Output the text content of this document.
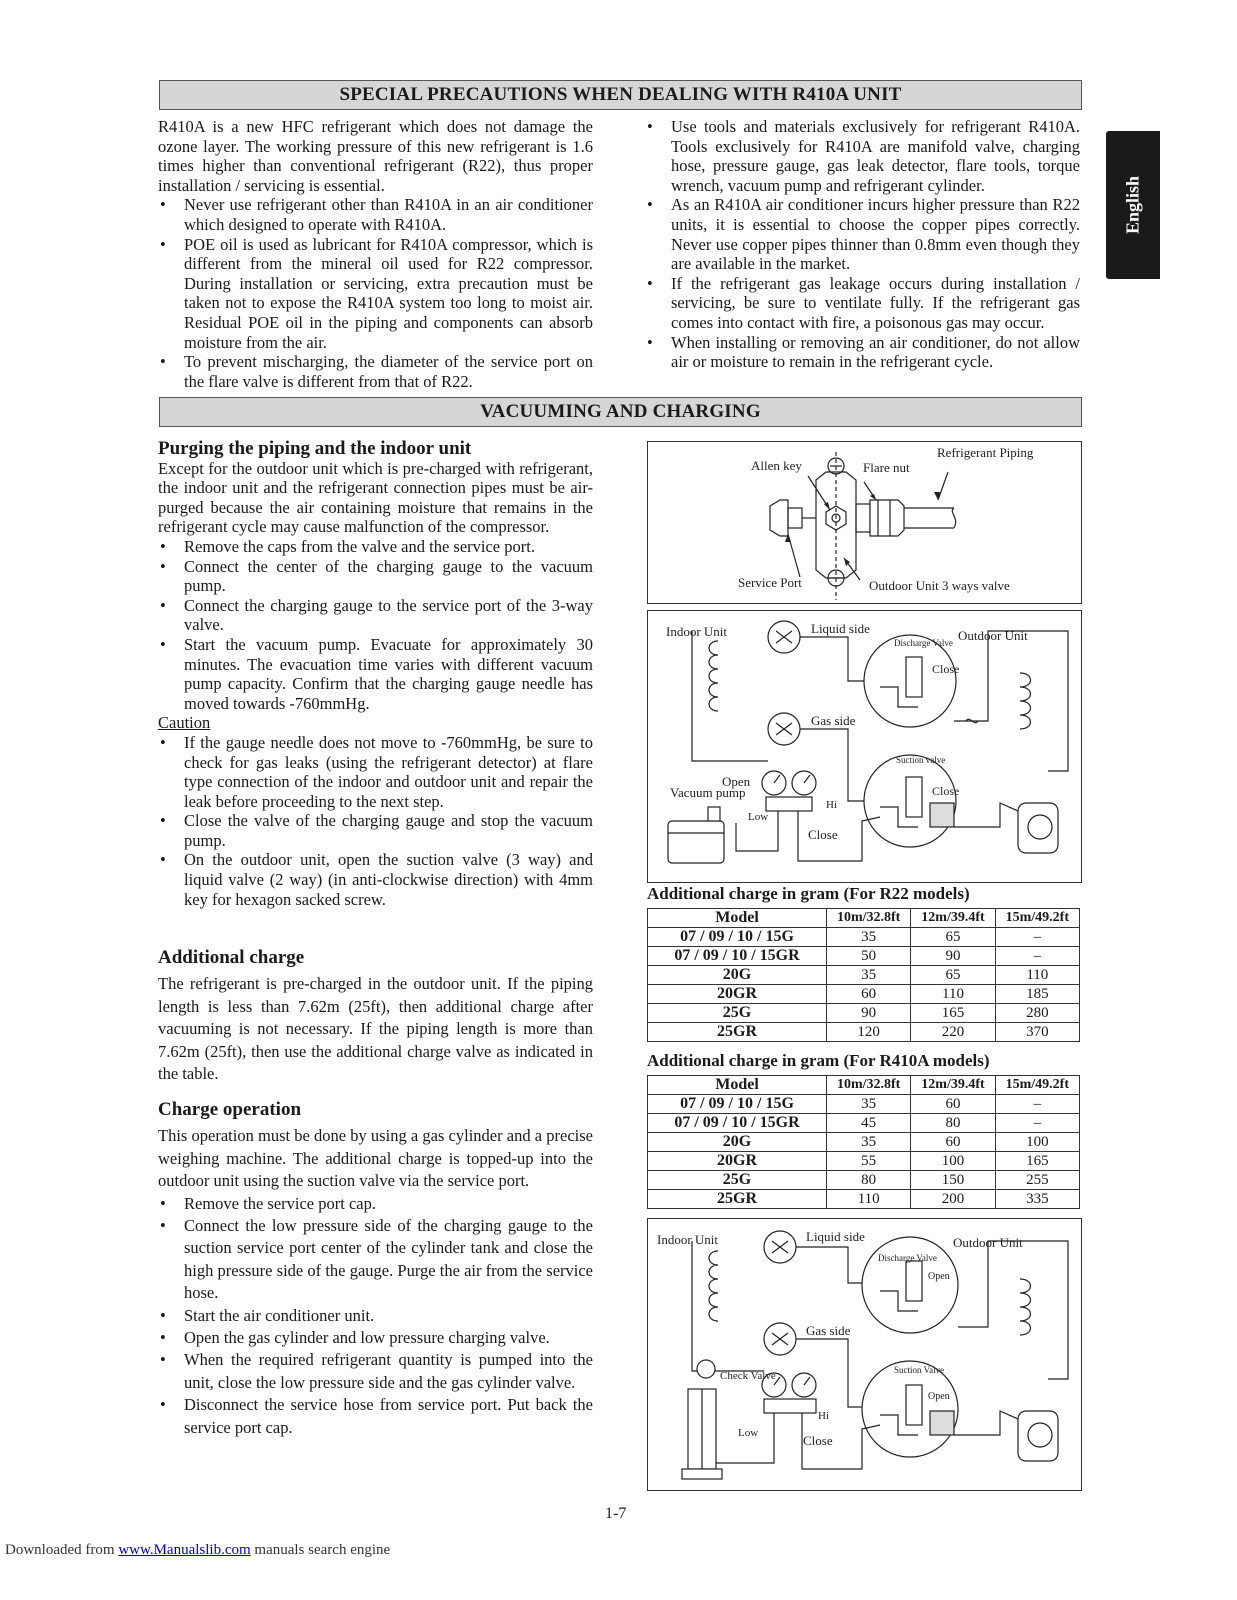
SPECIAL PRECAUTIONS WHEN DEALING WITH R410A UNIT

R410A is a new HFC refrigerant which does not damage the ozone layer. The working pressure of this new refrigerant is 1.6 times higher than conventional refrigerant (R22), thus proper installation / servicing is essential.

• Never use refrigerant other than R410A in an air conditioner which designed to operate with R410A.
• POE oil is used as lubricant for R410A compressor, which is different from the mineral oil used for R22 compressor. During installation or servicing, extra precaution must be taken not to expose the R410A system too long to moist air. Residual POE oil in the piping and components can absorb moisture from the air.
• To prevent mischarging, the diameter of the service port on the flare valve is different from that of R22.
• Use tools and materials exclusively for refrigerant R410A. Tools exclusively for R410A are manifold valve, charging hose, pressure gauge, gas leak detector, flare tools, torque wrench, vacuum pump and refrigerant cylinder.
• As an R410A air conditioner incurs higher pressure than R22 units, it is essential to choose the copper pipes correctly. Never use copper pipes thinner than 0.8mm even though they are available in the market.
• If the refrigerant gas leakage occurs during installation / servicing, be sure to ventilate fully. If the refrigerant gas comes into contact with fire, a poisonous gas may occur.
• When installing or removing an air conditioner, do not allow air or moisture to remain in the refrigerant cycle.
English
VACUUMING AND CHARGING
Purging the piping and the indoor unit

Except for the outdoor unit which is pre-charged with refrigerant, the indoor unit and the refrigerant connection pipes must be air-purged because the air containing moisture that remains in the refrigerant cycle may cause malfunction of the compressor.

• Remove the caps from the valve and the service port.
• Connect the center of the charging gauge to the vacuum pump.
• Connect the charging gauge to the service port of the 3-way valve.
• Start the vacuum pump. Evacuate for approximately 30 minutes. The evacuation time varies with different vacuum pump capacity. Confirm that the charging gauge needle has moved towards -760mmHg.

Caution

• If the gauge needle does not move to -760mmHg, be sure to check for gas leaks (using the refrigerant detector) at flare type connection of the indoor and outdoor unit and repair the leak before proceeding to the next step.
• Close the valve of the charging gauge and stop the vacuum pump.
• On the outdoor unit, open the suction valve (3 way) and liquid valve (2 way) (in anti-clockwise direction) with 4mm key for hexagon sacked screw.
Additional charge

The refrigerant is pre-charged in the outdoor unit. If the piping length is less than 7.62m (25ft), then additional charge after vacuuming is not necessary. If the piping length is more than 7.62m (25ft), then use the additional charge valve as indicated in the table.

Charge operation

This operation must be done by using a gas cylinder and a precise weighing machine. The additional charge is topped-up into the outdoor unit using the suction valve via the service port.

• Remove the service port cap.
• Connect the low pressure side of the charging gauge to the suction service port center of the cylinder tank and close the high pressure side of the gauge. Purge the air from the service hose.
• Start the air conditioner unit.
• Open the gas cylinder and low pressure charging valve.
• When the required refrigerant quantity is pumped into the unit, close the low pressure side and the gas cylinder valve.
• Disconnect the service hose from service port. Put back the service port cap.
Allen key	Flare nut
Refrigerant Piping
Service Port	Outdoor Unit 3 ways valve
Indoor Unit	Liquid side	Outdoor Unit
Discharge Valve
Close
Gas side
Suction valve
Close
Open
Vacuum pump
Hi
Low
Close
Additional charge in gram (For R22 models)
Model	10m/32.8ft	12m/39.4ft	15m/49.2ft
07 / 09 / 10 / 15G	35	65	–
07 / 09 / 10 / 15GR	50	90	–
20G	35	65	110
20GR	60	110	185
25G	90	165	280
25GR	120	220	370
Additional charge in gram (For R410A models)
Model	10m/32.8ft	12m/39.4ft	15m/49.2ft
07 / 09 / 10 / 15G	35	60	–
07 / 09 / 10 / 15GR	45	80	–
20G	35	60	100
20GR	55	100	165
25G	80	150	255
25GR	110	200	335
Indoor Unit	Liquid side	Outdoor Unit
Discharge Valve
Open
Gas side
Check Valve	Suction Valve
Open
Hi
Low	Close
1-7
Downloaded from www.Manualslib.com manuals search engine
